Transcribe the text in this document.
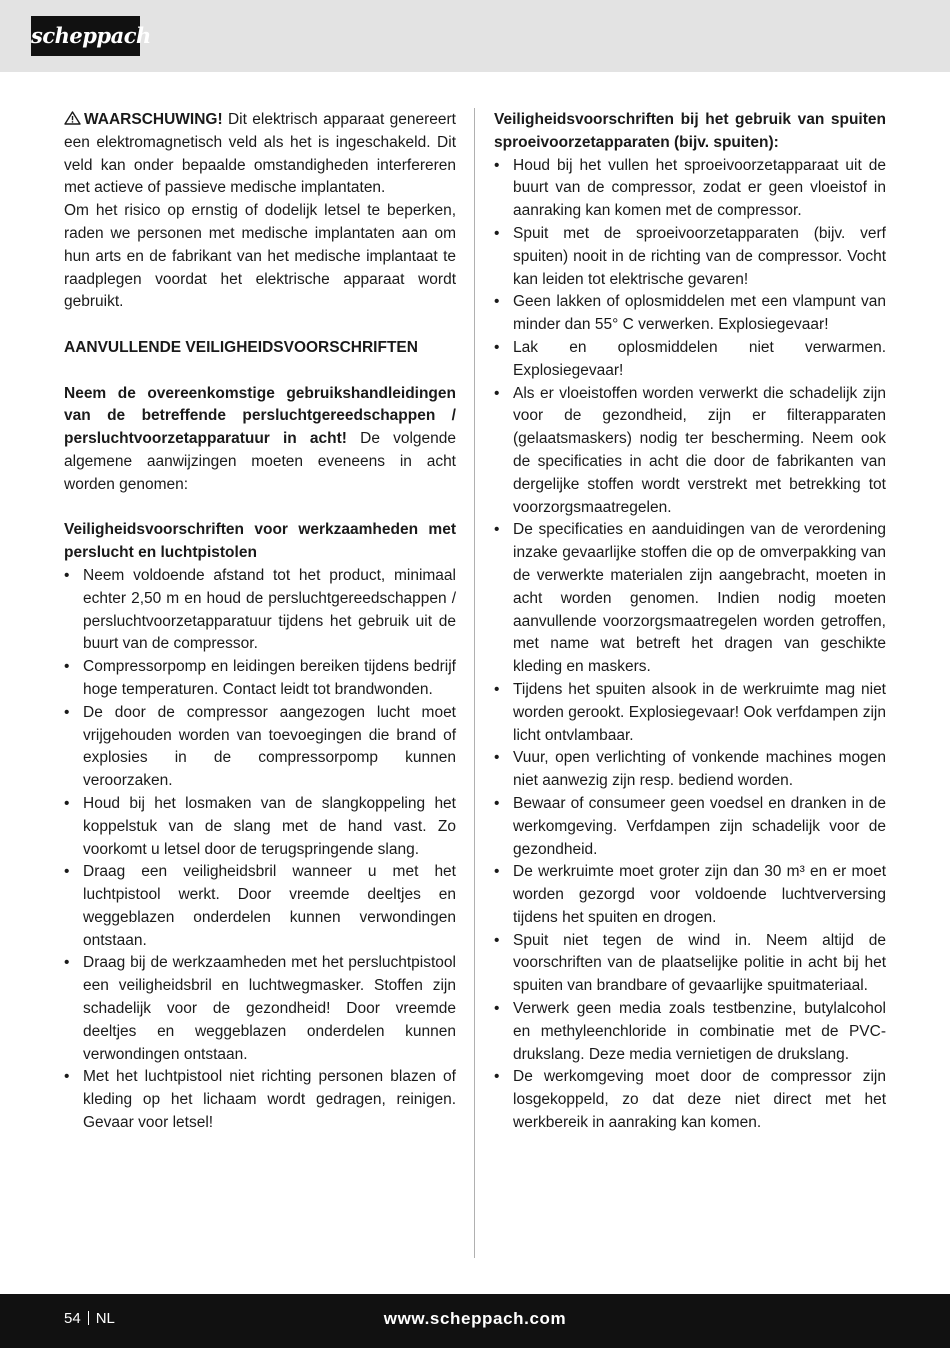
scheppach

WAARSCHUWING! Dit elektrisch apparaat genereert een elektromagnetisch veld als het is ingeschakeld. Dit veld kan onder bepaalde omstandigheden interfereren met actieve of passieve medische implantaten.

Om het risico op ernstig of dodelijk letsel te beperken, raden we personen met medische implantaten aan om hun arts en de fabrikant van het medische implantaat te raadplegen voordat het elektrische apparaat wordt gebruikt.

AANVULLENDE VEILIGHEIDSVOORSCHRIFTEN

Neem de overeenkomstige gebruikshandleidingen van de betreffende persluchtgereedschappen / persluchtvoorzetapparatuur in acht! De volgende algemene aanwijzingen moeten eveneens in acht worden genomen:

Veiligheidsvoorschriften voor werkzaamheden met perslucht en luchtpistolen

• Neem voldoende afstand tot het product, minimaal echter 2,50 m en houd de persluchtgereedschappen / persluchtvoorzetapparatuur tijdens het gebruik uit de buurt van de compressor.
• Compressorpomp en leidingen bereiken tijdens bedrijf hoge temperaturen. Contact leidt tot brandwonden.
• De door de compressor aangezogen lucht moet vrijgehouden worden van toevoegingen die brand of explosies in de compressorpomp kunnen veroorzaken.
• Houd bij het losmaken van de slangkoppeling het koppelstuk van de slang met de hand vast. Zo voorkomt u letsel door de terugspringende slang.
• Draag een veiligheidsbril wanneer u met het luchtpistool werkt. Door vreemde deeltjes en weggeblazen onderdelen kunnen verwondingen ontstaan.
• Draag bij de werkzaamheden met het persluchtpistool een veiligheidsbril en luchtwegmasker. Stoffen zijn schadelijk voor de gezondheid! Door vreemde deeltjes en weggeblazen onderdelen kunnen verwondingen ontstaan.
• Met het luchtpistool niet richting personen blazen of kleding op het lichaam wordt gedragen, reinigen. Gevaar voor letsel!

Veiligheidsvoorschriften bij het gebruik van spuiten sproeivoorzetapparaten (bijv. spuiten):

• Houd bij het vullen het sproeivoorzetapparaat uit de buurt van de compressor, zodat er geen vloeistof in aanraking kan komen met de compressor.
• Spuit met de sproeivoorzetapparaten (bijv. verf spuiten) nooit in de richting van de compressor. Vocht kan leiden tot elektrische gevaren!
• Geen lakken of oplosmiddelen met een vlampunt van minder dan 55° C verwerken. Explosiegevaar!
• Lak en oplosmiddelen niet verwarmen. Explosiegevaar!
• Als er vloeistoffen worden verwerkt die schadelijk zijn voor de gezondheid, zijn er filterapparaten (gelaatsmaskers) nodig ter bescherming. Neem ook de specificaties in acht die door de fabrikanten van dergelijke stoffen wordt verstrekt met betrekking tot voorzorgsmaatregelen.
• De specificaties en aanduidingen van de verordening inzake gevaarlijke stoffen die op de omverpakking van de verwerkte materialen zijn aangebracht, moeten in acht worden genomen. Indien nodig moeten aanvullende voorzorgsmaatregelen worden getroffen, met name wat betreft het dragen van geschikte kleding en maskers.
• Tijdens het spuiten alsook in de werkruimte mag niet worden gerookt. Explosiegevaar! Ook verfdampen zijn licht ontvlambaar.
• Vuur, open verlichting of vonkende machines mogen niet aanwezig zijn resp. bediend worden.
• Bewaar of consumeer geen voedsel en dranken in de werkomgeving. Verfdampen zijn schadelijk voor de gezondheid.
• De werkruimte moet groter zijn dan 30 m³ en er moet worden gezorgd voor voldoende luchtverversing tijdens het spuiten en drogen.
• Spuit niet tegen de wind in. Neem altijd de voorschriften van de plaatselijke politie in acht bij het spuiten van brandbare of gevaarlijke spuitmateriaal.
• Verwerk geen media zoals testbenzine, butylalcohol en methyleenchloride in combinatie met de PVC-drukslang. Deze media vernietigen de drukslang.
• De werkomgeving moet door de compressor zijn losgekoppeld, zo dat deze niet direct met het werkbereik in aanraking kan komen.
54 NL	www.scheppach.com
